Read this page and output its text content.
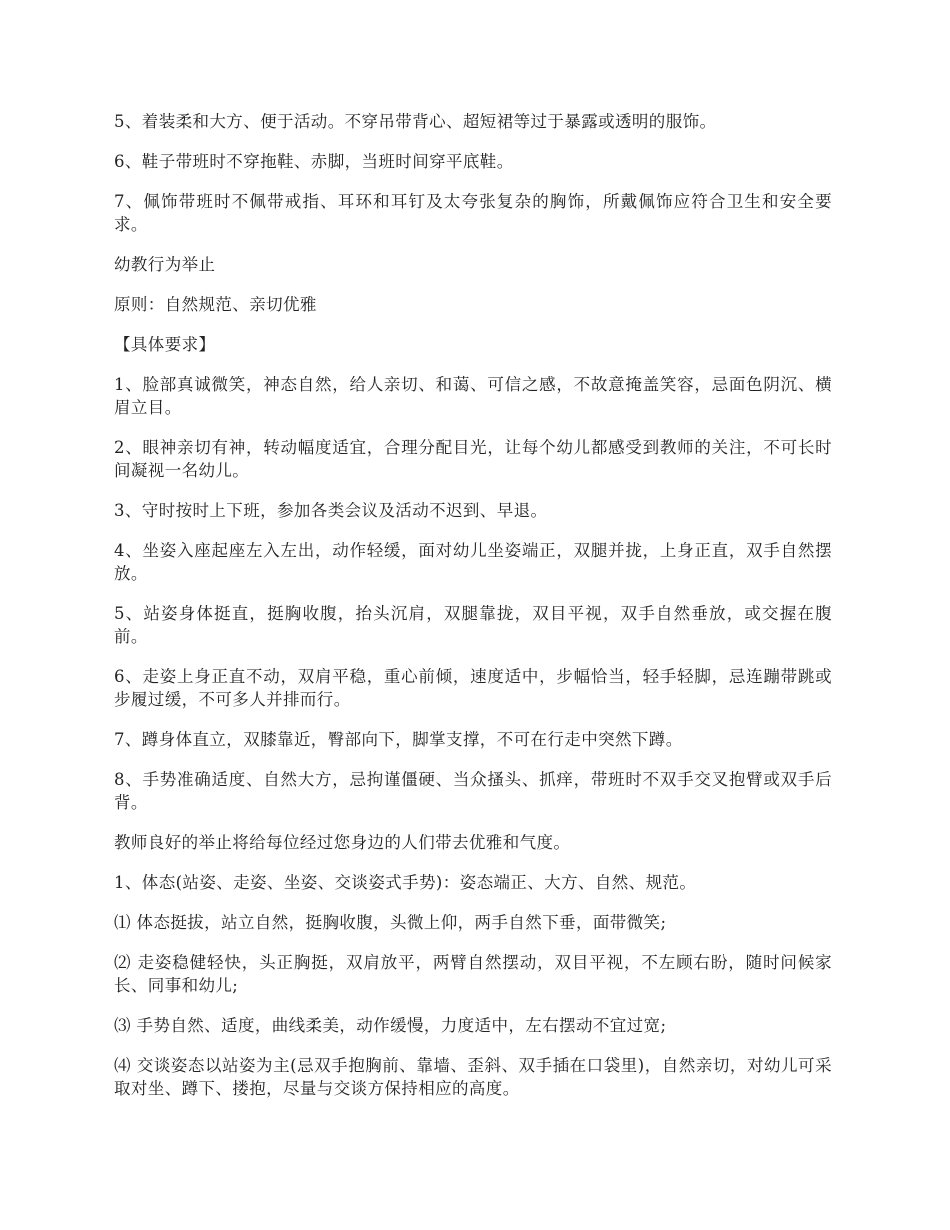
5、着装柔和大方、便于活动。不穿吊带背心、超短裙等过于暴露或透明的服饰。

6、鞋子带班时不穿拖鞋、赤脚，当班时间穿平底鞋。

7、佩饰带班时不佩带戒指、耳环和耳钉及太夸张复杂的胸饰，所戴佩饰应符合卫生和安全要求。

幼教行为举止

原则：自然规范、亲切优雅

【具体要求】

1、脸部真诚微笑，神态自然，给人亲切、和蔼、可信之感，不故意掩盖笑容，忌面色阴沉、横眉立目。

2、眼神亲切有神，转动幅度适宜，合理分配目光，让每个幼儿都感受到教师的关注，不可长时间凝视一名幼儿。

3、守时按时上下班，参加各类会议及活动不迟到、早退。

4、坐姿入座起座左入左出，动作轻缓，面对幼儿坐姿端正，双腿并拢，上身正直，双手自然摆放。

5、站姿身体挺直，挺胸收腹，抬头沉肩，双腿靠拢，双目平视，双手自然垂放，或交握在腹前。

6、走姿上身正直不动，双肩平稳，重心前倾，速度适中，步幅恰当，轻手轻脚，忌连蹦带跳或步履过缓，不可多人并排而行。

7、蹲身体直立，双膝靠近，臀部向下，脚掌支撑，不可在行走中突然下蹲。

8、手势准确适度、自然大方，忌拘谨僵硬、当众搔头、抓痒，带班时不双手交叉抱臂或双手后背。

教师良好的举止将给每位经过您身边的人们带去优雅和气度。

1、体态(站姿、走姿、坐姿、交谈姿式手势)：姿态端正、大方、自然、规范。

⑴ 体态挺拔，站立自然，挺胸收腹，头微上仰，两手自然下垂，面带微笑;

⑵ 走姿稳健轻快，头正胸挺，双肩放平，两臂自然摆动，双目平视，不左顾右盼，随时问候家长、同事和幼儿;

⑶ 手势自然、适度，曲线柔美，动作缓慢，力度适中，左右摆动不宜过宽;

⑷ 交谈姿态以站姿为主(忌双手抱胸前、靠墙、歪斜、双手插在口袋里)，自然亲切，对幼儿可采取对坐、蹲下、搂抱，尽量与交谈方保持相应的高度。
